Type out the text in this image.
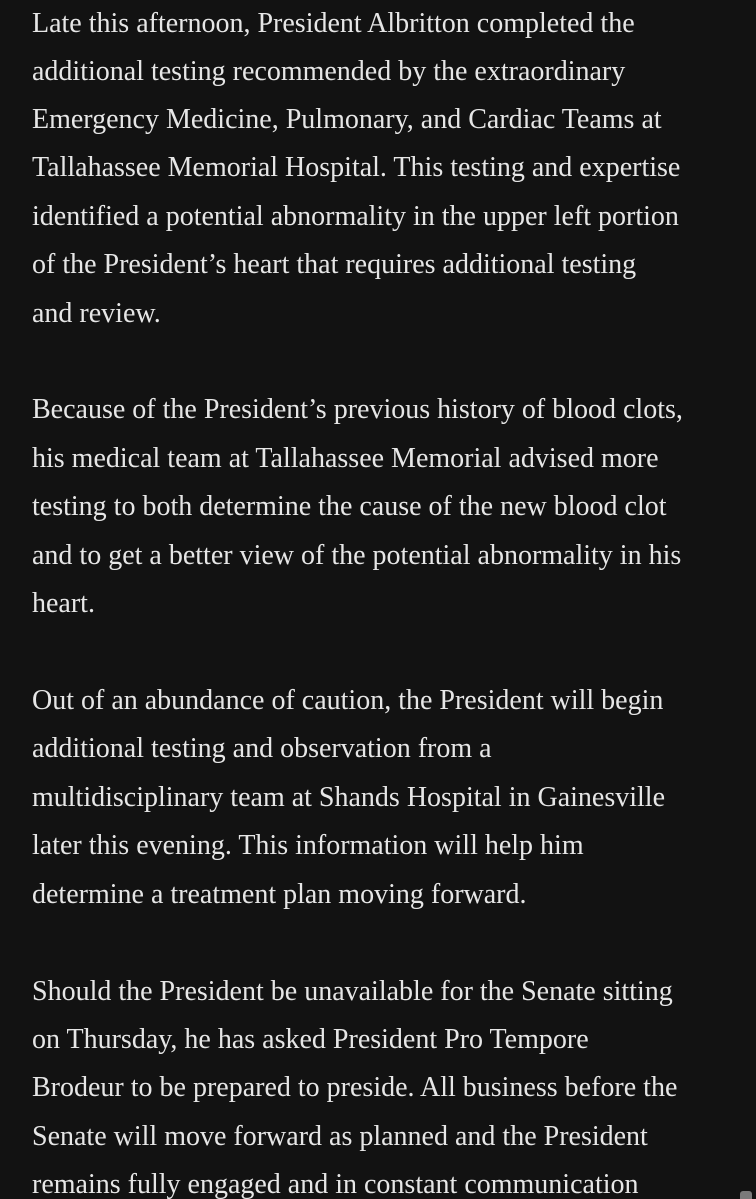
Late this afternoon, President Albritton completed the
additional testing recommended by the extraordinary
Emergency Medicine, Pulmonary, and Cardiac Teams at
Tallahassee Memorial Hospital. This testing and expertise
identified a potential abnormality in the upper left portion
of the President’s heart that requires additional testing
and review.
Because of the President’s previous history of blood clots,
his medical team at Tallahassee Memorial advised more
testing to both determine the cause of the new blood clot
and to get a better view of the potential abnormality in his
heart.
Out of an abundance of caution, the President will begin
additional testing and observation from a
multidisciplinary team at Shands Hospital in Gainesville
later this evening. This information will help him
determine a treatment plan moving forward.
Should the President be unavailable for the Senate sitting
on Thursday, he has asked President Pro Tempore
Brodeur to be prepared to preside. All business before the
Senate will move forward as planned and the President
remains fully engaged and in constant communication
